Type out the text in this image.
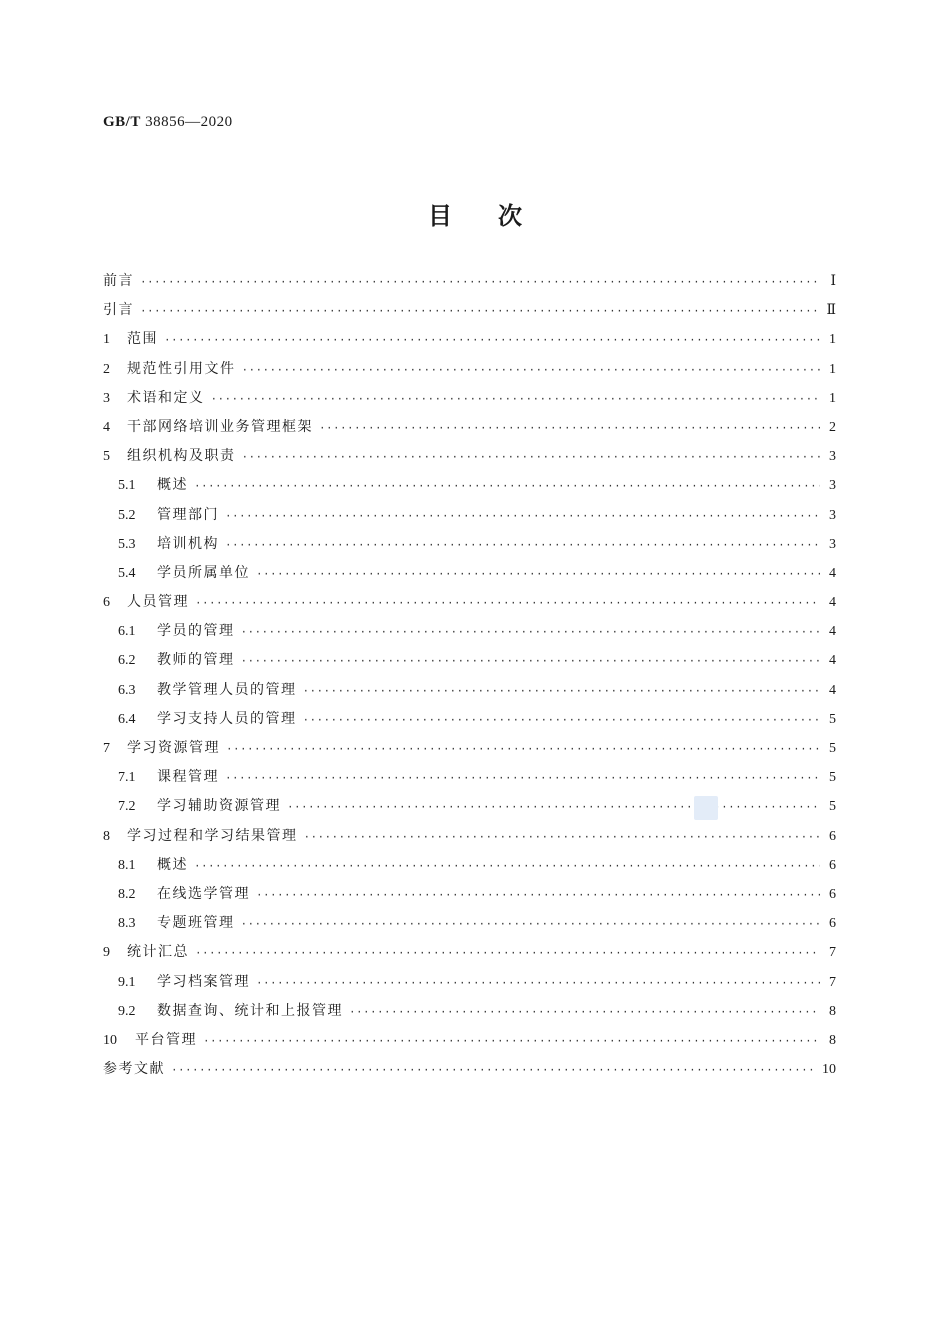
GB/T 38856—2020
目次
前言 ·····	Ⅰ
引言 ·····	Ⅱ
1	范围 ·····	1
2	规范性引用文件 ·····	1
3	术语和定义 ·····	1
4	干部网络培训业务管理框架 ·····	2
5	组织机构及职责 ·····	3
5.1	概述 ·····	3
5.2	管理部门 ·····	3
5.3	培训机构 ·····	3
5.4	学员所属单位 ·····	4
6	人员管理 ·····	4
6.1	学员的管理 ·····	4
6.2	教师的管理 ·····	4
6.3	教学管理人员的管理 ·····	4
6.4	学习支持人员的管理 ·····	5
7	学习资源管理 ·····	5
7.1	课程管理 ·····	5
7.2	学习辅助资源管理 ·····	5
8	学习过程和学习结果管理 ·····	6
8.1	概述 ·····	6
8.2	在线选学管理 ·····	6
8.3	专题班管理 ·····	6
9	统计汇总 ·····	7
9.1	学习档案管理 ·····	7
9.2	数据查询、统计和上报管理 ·····	8
10	平台管理 ·····	8
参考文献 ·····	10
